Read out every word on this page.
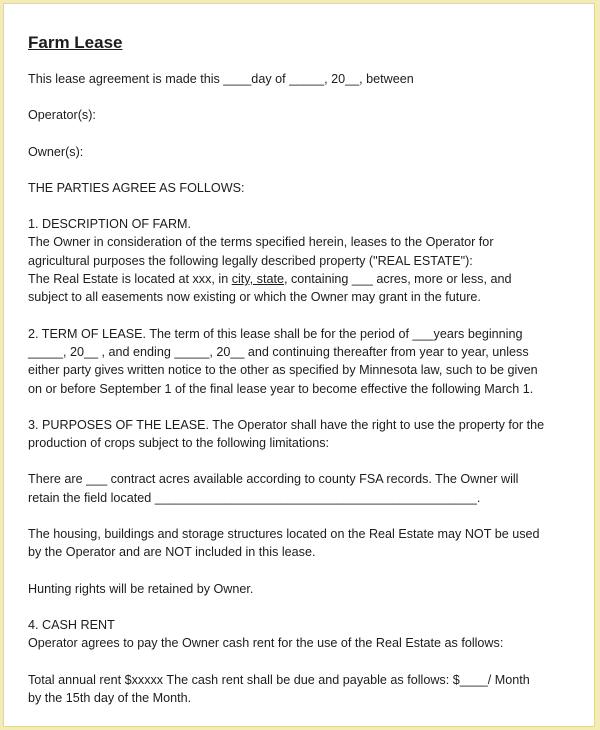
Farm Lease

This lease agreement is made this ____day of _____, 20__, between

Operator(s):

Owner(s):

THE PARTIES AGREE AS FOLLOWS:

1. DESCRIPTION OF FARM.

The Owner in consideration of the terms specified herein, leases to the Operator for

agricultural purposes the following legally described property ("REAL ESTATE"):

The Real Estate is located at xxx, in city, state, containing ___ acres, more or less, and

subject to all easements now existing or which the Owner may grant in the future.

2. TERM OF LEASE. The term of this lease shall be for the period of ___years beginning

_____, 20__ , and ending _____, 20__ and continuing thereafter from year to year, unless

either party gives written notice to the other as specified by Minnesota law, such to be given

on or before September 1 of the final lease year to become effective the following March 1.

3. PURPOSES OF THE LEASE. The Operator shall have the right to use the property for the

production of crops subject to the following limitations:

There are ___ contract acres available according to county FSA records. The Owner will

retain the field located ______________________________________________.

The housing, buildings and storage structures located on the Real Estate may NOT be used

by the Operator and are NOT included in this lease.

Hunting rights will be retained by Owner.

4. CASH RENT

Operator agrees to pay the Owner cash rent for the use of the Real Estate as follows:

Total annual rent $xxxxx The cash rent shall be due and payable as follows: $____/ Month

by the 15th day of the Month.
